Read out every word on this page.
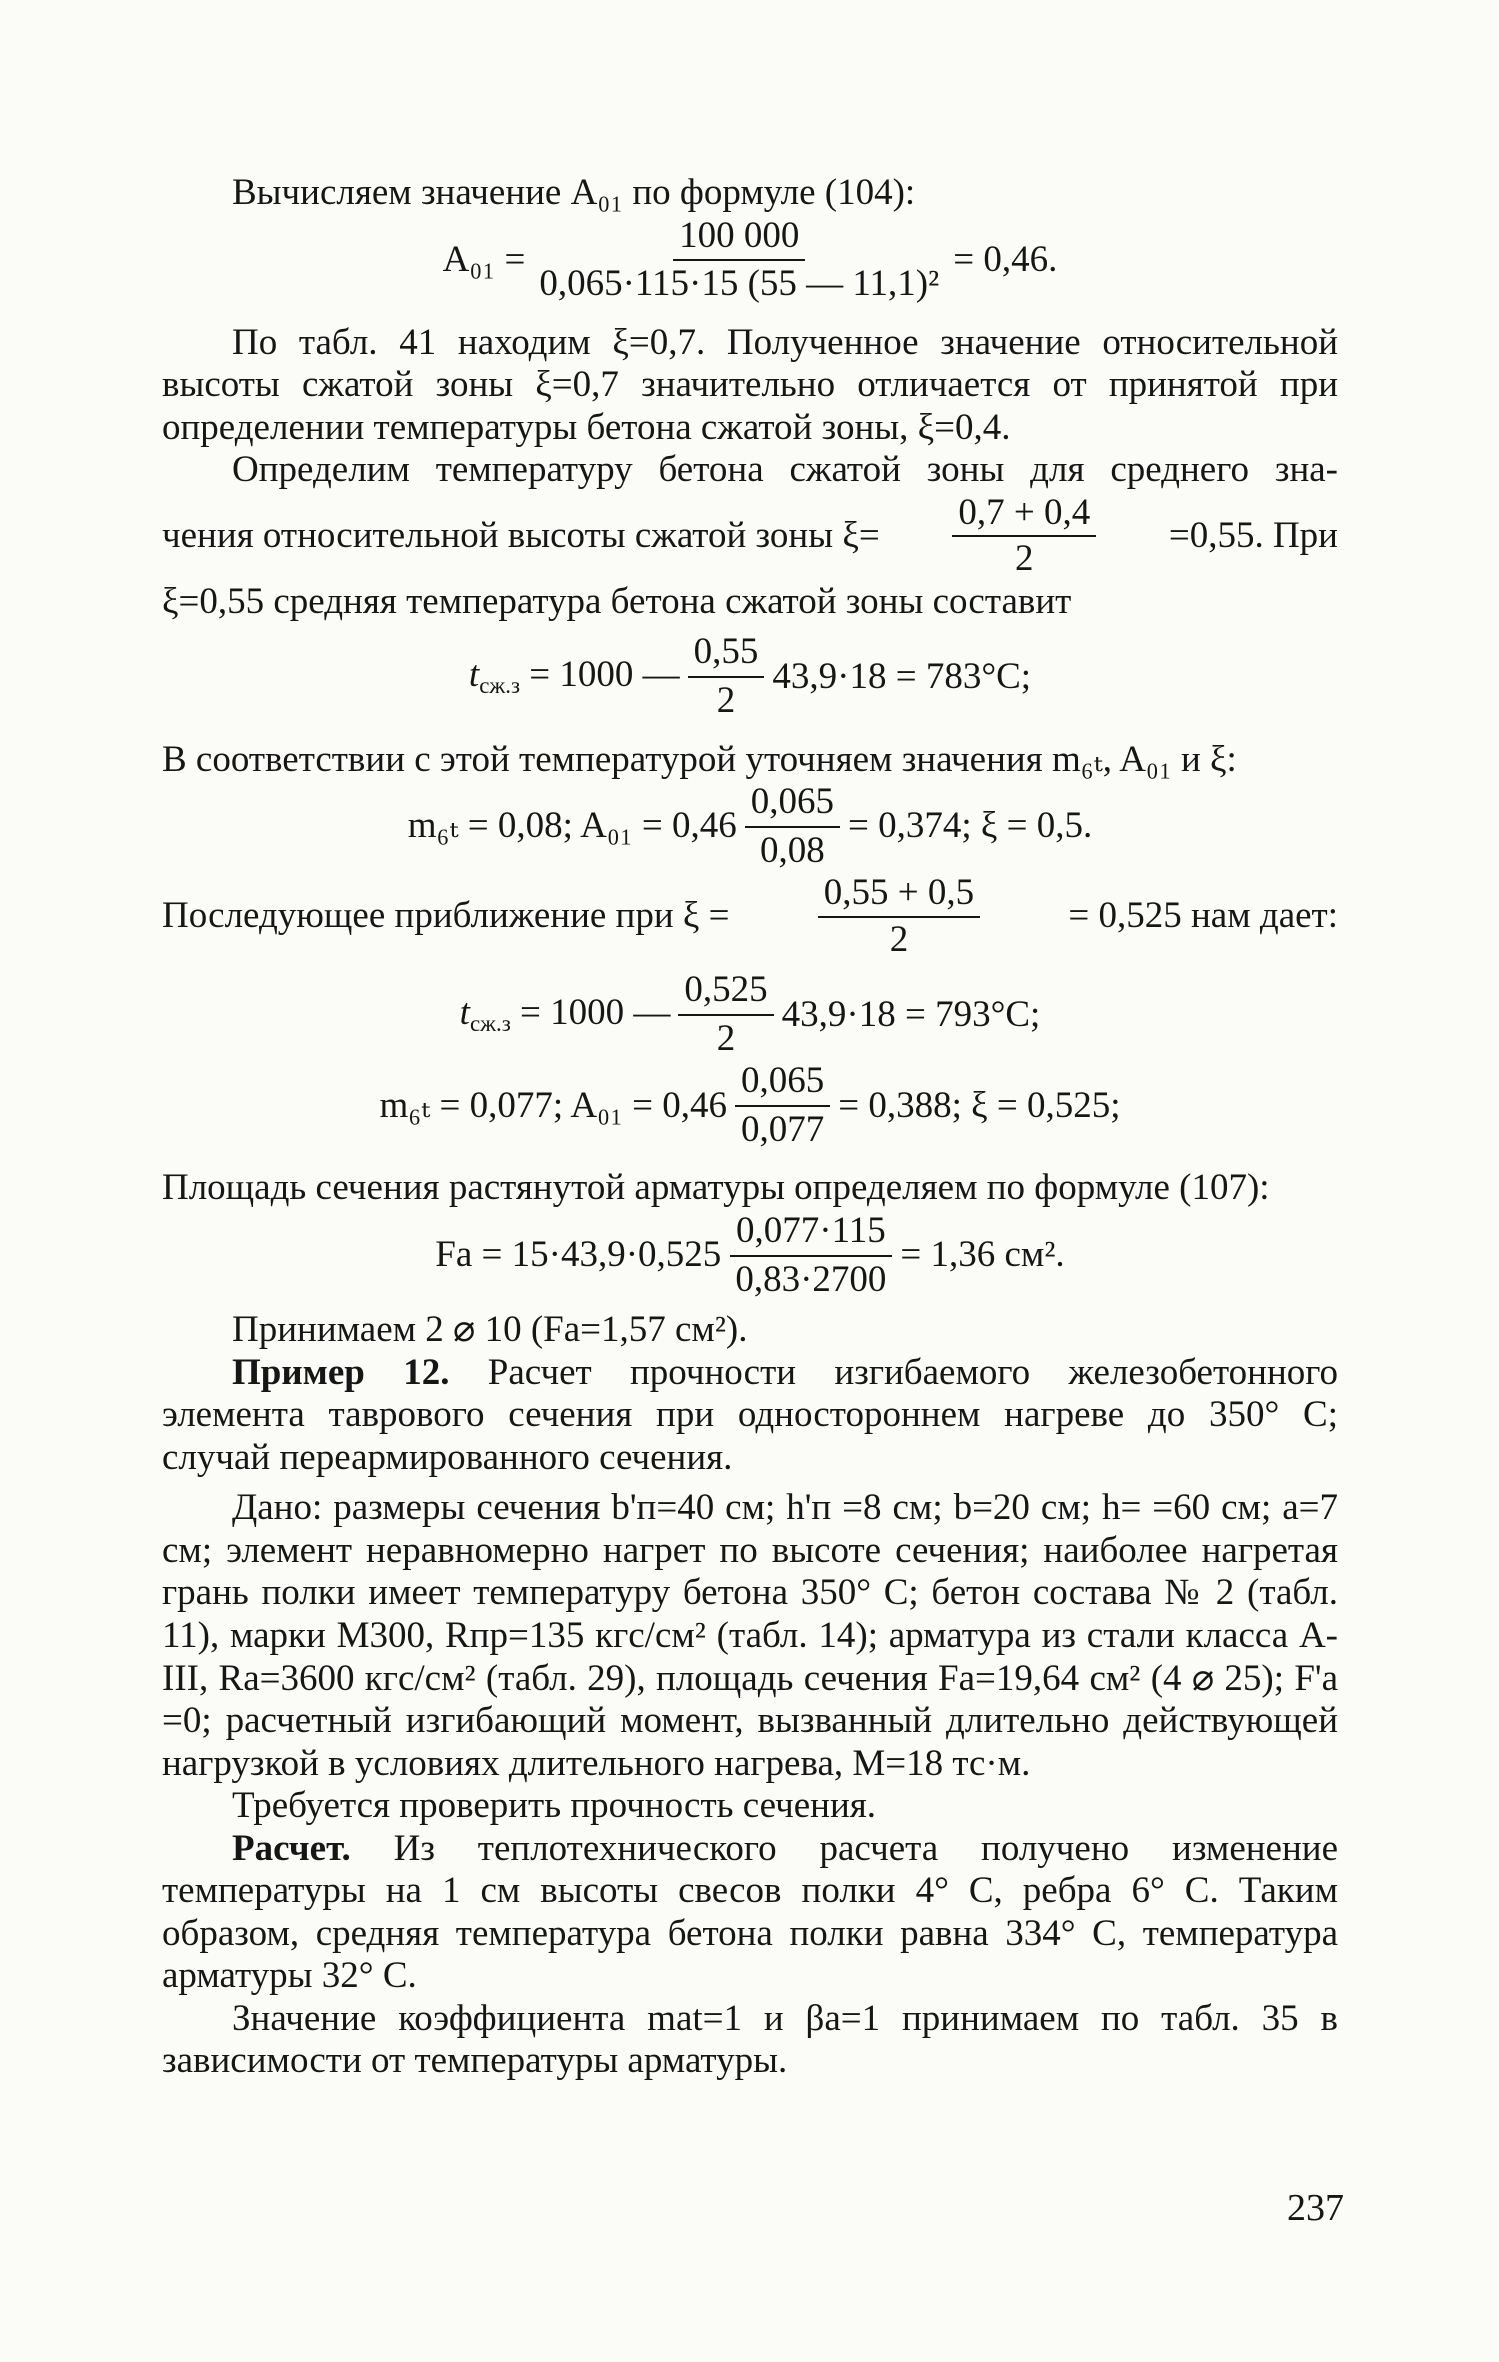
Вычисляем значение A₀₁ по формуле (104):

$A_{01} = \frac{100 000}{\text{0,065·115·15 (55 — 11,1)²}} = 0,46$.

По табл. 41 находим ξ=0,7. Полученное значение относительной высоты сжатой зоны ξ=0,7 значительно отличается от принятой при определении температуры бетона сжатой зоны, ξ=0,4.

Определим температуру бетона сжатой зоны для среднего зна-

чения относительной высоты сжатой зоны $\xi= \frac{0,7 + 0,4}{2} =0,55$. При

ξ=0,55 средняя температура бетона сжатой зоны составит

$t_{сж.з} = 1000$ — $\frac{0,55}{2} 43,9\cdot 18 = 783^\circ C$;

В соответствии с этой температурой уточняем значения m₆ₜ, A₀₁ и ξ:

m₆ₜ = 0,08; $A_{01} = 0,46 \frac{0,065}{0,08} = 0,374$; ξ = 0,5.
Последующее приближение при $\xi = \frac{0,55 + 0,5}{2} = 0,525$ нам дает:
$t_{сж.з} = 1000$ — $\frac{0,525}{2} 43,9\cdot 18 = 793^\circ C$;
m₆ₜ = 0,077; $A_{01} = 0,46 \frac{0,065}{0,077} = 0,388$; ξ = 0,525;

Площадь сечения растянутой арматуры определяем по формуле (107):

Fа = $15\cdot 43,9\cdot 0,525 \frac{0,077\cdot 115}{0,83\cdot 2700} = 1,36$ см².

Принимаем 2 ⌀ 10 (Fа=1,57 см²).

Пример 12. Расчет прочности изгибаемого железобетонного элемента таврового сечения при одностороннем нагреве до 350° С; случай переармированного сечения.

Дано: размеры сечения b'п=40 см; h'п =8 см; b=20 см; h= =60 см; a=7 см; элемент неравномерно нагрет по высоте сечения; наиболее нагретая грань полки имеет температуру бетона 350° С; бетон состава № 2 (табл. 11), марки М300, Rпр=135 кгс/см² (табл. 14); арматура из стали класса А-III, Rа=3600 кгс/см² (табл. 29), площадь сечения Fа=19,64 см² (4 ⌀ 25); F'а =0; расчетный изгибающий момент, вызванный длительно действующей нагрузкой в условиях длительного нагрева, M=18 тс·м.

Требуется проверить прочность сечения.

Расчет. Из теплотехнического расчета получено изменение температуры на 1 см высоты свесов полки 4° С, ребра 6° С. Таким образом, средняя температура бетона полки равна 334° С, температура арматуры 32° С.

Значение коэффициента mаt=1 и βа=1 принимаем по табл. 35 в зависимости от температуры арматуры.

237
